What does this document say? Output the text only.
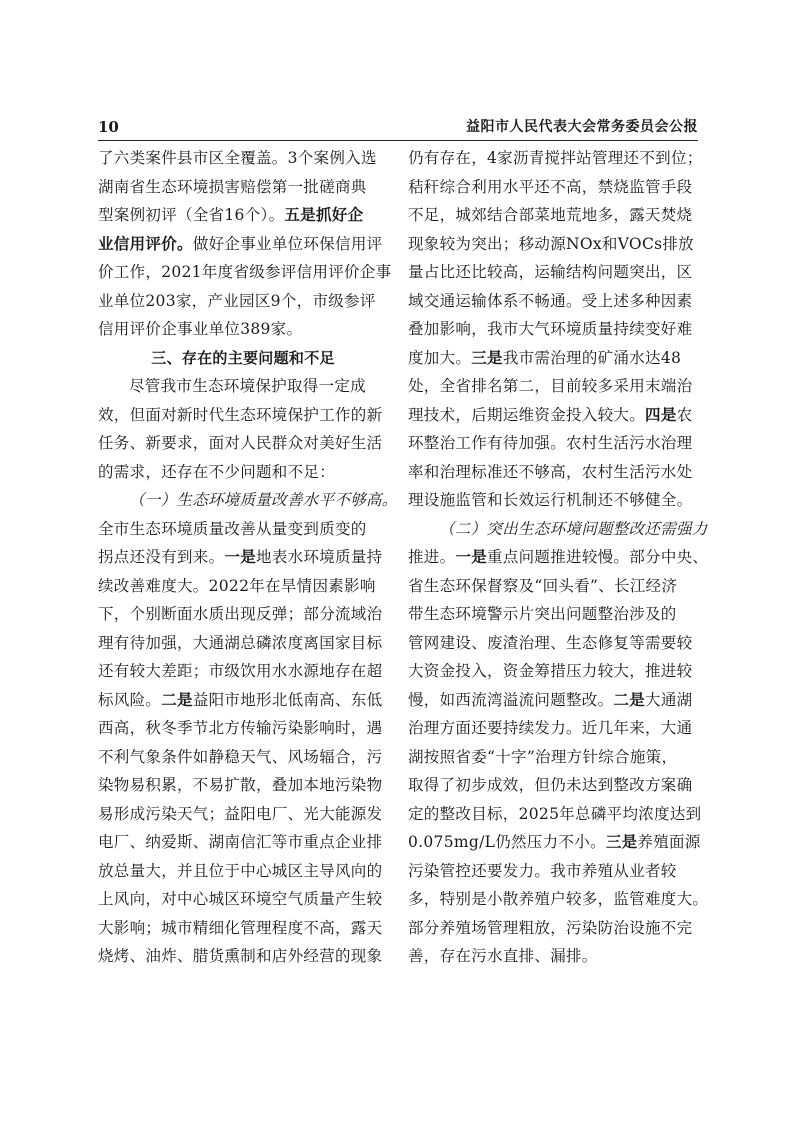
10	益阳市人民代表大会常务委员会公报
了六类案件县市区全覆盖。3个案例入选
湖南省生态环境损害赔偿第一批磋商典
型案例初评（全省16个）。五是抓好企
业信用评价。做好企事业单位环保信用评
价工作，2021年度省级参评信用评价企事
业单位203家，产业园区9个，市级参评
信用评价企事业单位389家。
三、存在的主要问题和不足
尽管我市生态环境保护取得一定成
效，但面对新时代生态环境保护工作的新
任务、新要求，面对人民群众对美好生活
的需求，还存在不少问题和不足：
（一）生态环境质量改善水平不够高。
全市生态环境质量改善从量变到质变的
拐点还没有到来。一是地表水环境质量持
续改善难度大。2022年在旱情因素影响
下，个别断面水质出现反弹；部分流域治
理有待加强，大通湖总磷浓度离国家目标
还有较大差距；市级饮用水水源地存在超
标风险。二是益阳市地形北低南高、东低
西高，秋冬季节北方传输污染影响时，遇
不利气象条件如静稳天气、风场辐合，污
染物易积累，不易扩散，叠加本地污染物
易形成污染天气；益阳电厂、光大能源发
电厂、纳爱斯、湖南信汇等市重点企业排
放总量大，并且位于中心城区主导风向的
上风向，对中心城区环境空气质量产生较
大影响；城市精细化管理程度不高，露天
烧烤、油炸、腊货熏制和店外经营的现象
仍有存在，4家沥青搅拌站管理还不到位；
秸秆综合利用水平还不高，禁烧监管手段
不足，城郊结合部菜地荒地多，露天焚烧
现象较为突出；移动源NOx和VOCs排放
量占比还比较高，运输结构问题突出，区
域交通运输体系不畅通。受上述多种因素
叠加影响，我市大气环境质量持续变好难
度加大。三是我市需治理的矿涌水达48
处，全省排名第二，目前较多采用末端治
理技术，后期运维资金投入较大。四是农
环整治工作有待加强。农村生活污水治理
率和治理标准还不够高，农村生活污水处
理设施监管和长效运行机制还不够健全。
（二）突出生态环境问题整改还需强力
推进。一是重点问题推进较慢。部分中央、
省生态环保督察及“回头看”、长江经济
带生态环境警示片突出问题整治涉及的
管网建设、废渣治理、生态修复等需要较
大资金投入，资金筹措压力较大，推进较
慢，如西流湾溢流问题整改。二是大通湖
治理方面还要持续发力。近几年来，大通
湖按照省委“十字”治理方针综合施策，
取得了初步成效，但仍未达到整改方案确
定的整改目标，2025年总磷平均浓度达到
0.075mg/L仍然压力不小。三是养殖面源
污染管控还要发力。我市养殖从业者较
多，特别是小散养殖户较多，监管难度大。
部分养殖场管理粗放，污染防治设施不完
善，存在污水直排、漏排。
